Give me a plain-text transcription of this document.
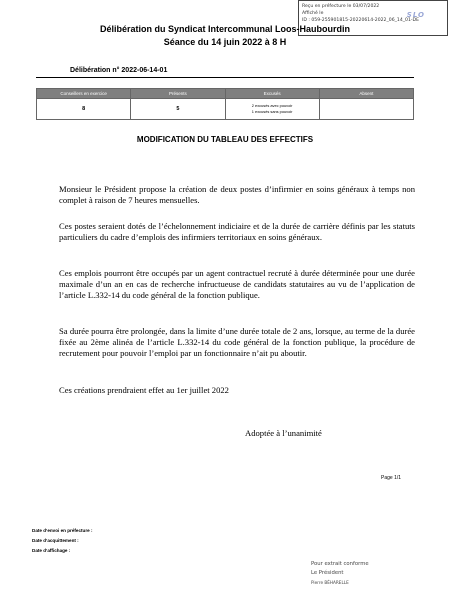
Reçu en préfecture le 03/07/2022
Affiché le
ID : 059-255901815-20220614-2022_06_14_01-DE
SLO
Délibération du Syndicat Intercommunal Loos-Haubourdin
Séance du 14 juin 2022 à 8 H
Délibération n° 2022-06-14-01
Conseillers en exercice	Présents	Excusés	Absent
8	5	2 excusés avec pouvoir
1 excusés sans pouvoir	

MODIFICATION DU TABLEAU DES EFFECTIFS
Monsieur le Président propose la création de deux postes d’infirmier en soins généraux à temps non complet à raison de 7 heures mensuelles.
Ces postes seraient dotés de l’échelonnement indiciaire et de la durée de carrière définis par les statuts particuliers du cadre d’emplois des infirmiers territoriaux en soins généraux.
Ces emplois pourront être occupés par un agent contractuel recruté à durée déterminée pour une durée maximale d’un an en cas de recherche infructueuse de candidats statutaires au vu de l’application de l’article L.332-14 du code général de la fonction publique.
Sa durée pourra être prolongée, dans la limite d’une durée totale de 2 ans, lorsque, au terme de la durée fixée au 2ème alinéa de l’article L.332-14 du code général de la fonction publique, la procédure de recrutement pour pouvoir l’emploi par un fonctionnaire n’ait pu aboutir.
Ces créations prendraient effet au 1er juillet 2022
Adoptée à l’unanimité
Page 1/1
Date d’envoi en préfecture :
Date d’acquittement :
Date d’affichage :
Pour extrait conforme
Le Président
Pierre BÉHARELLE
